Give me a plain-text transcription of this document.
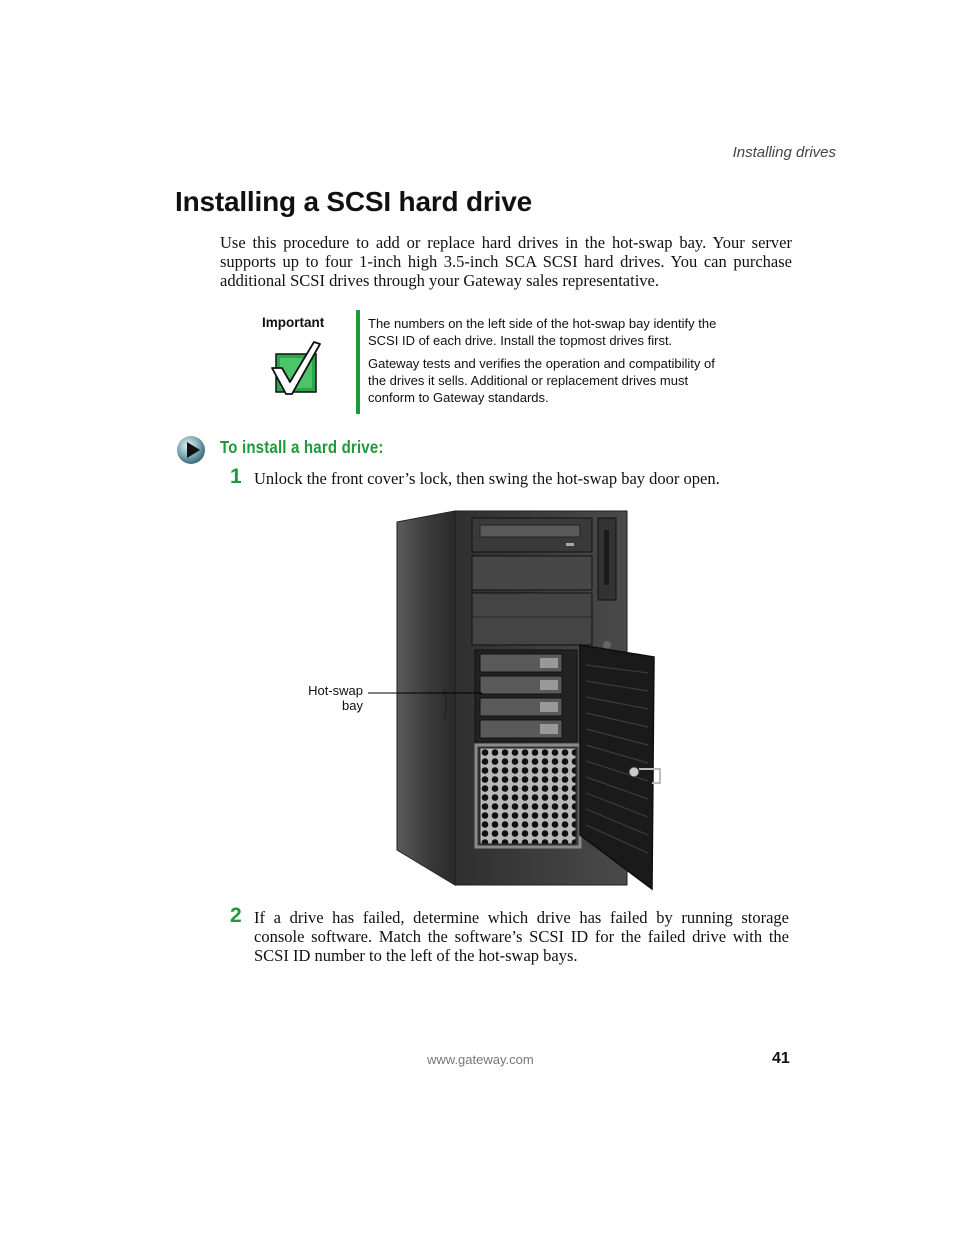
Installing drives
Installing a SCSI hard drive
Use this procedure to add or replace hard drives in the hot-swap bay. Your server supports up to four 1-inch high 3.5-inch SCA SCSI hard drives. You can purchase additional SCSI drives through your Gateway sales representative.
Important	The numbers on the left side of the hot-swap bay identify the SCSI ID of each drive. Install the topmost drives first.

Gateway tests and verifies the operation and compatibility of the drives it sells. Additional or replacement drives must conform to Gateway standards.

To install a hard drive:
1 Unlock the front cover’s lock, then swing the hot-swap bay door open.
Hot-swap
bay
2 If a drive has failed, determine which drive has failed by running storage console software. Match the software’s SCSI ID for the failed drive with the SCSI ID number to the left of the hot-swap bays.
www.gateway.com	41
